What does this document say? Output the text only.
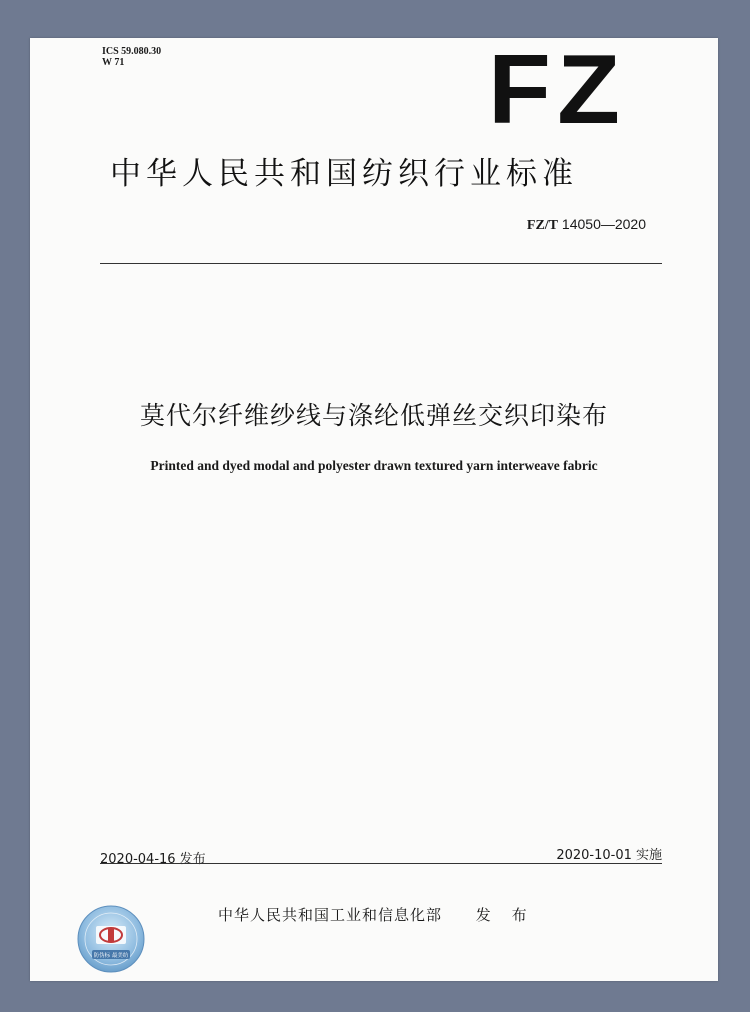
ICS 59.080.30
W 71	FZ
中华人民共和国纺织行业标准
FZ/T 14050—2020
莫代尔纤维纱线与涤纶低弹丝交织印染布
Printed and dyed modal and polyester drawn textured yarn interweave fabric
2020-04-16 发布	2020-10-01 实施
中华人民共和国工业和信息化部 发 布
防伪标 最美纺
